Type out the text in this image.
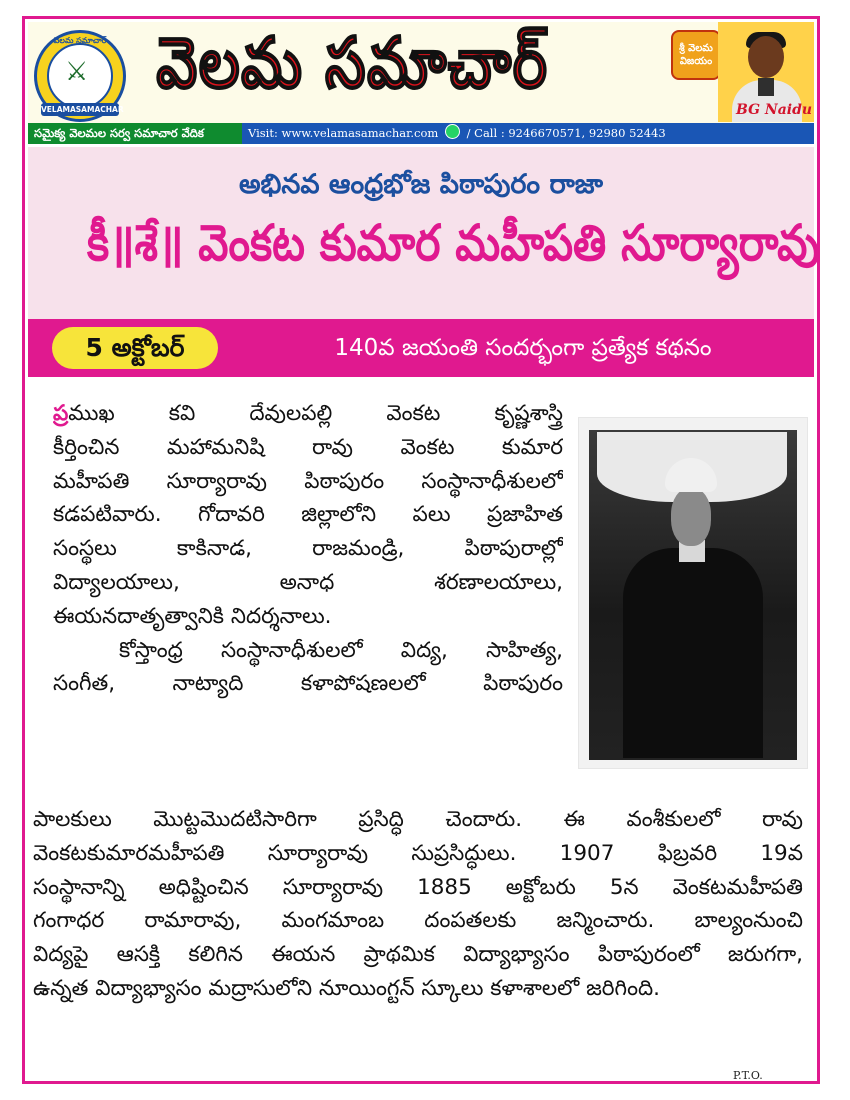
⚔
వెలమ సమాచార్
VELAMASAMACHAR
వెలమ సమాచార్	శ్రీ వెలమ విజయం
BG Naidu
సమైక్య వెలమల సర్వ సమాచార వేదిక	Visit: www.velamasamachar.com / Call : 9246670571, 92980 52443
అభినవ ఆంధ్రభోజ పిఠాపురం రాజా
కీ॥శే॥ వెంకట కుమార మహీపతి సూర్యారావు
5 అక్టోబర్	140వ జయంతి సందర్భంగా ప్రత్యేక కథనం
ప్రముఖ కవి దేవులపల్లి వెంకట కృష్ణశాస్త్రి
కీర్తించిన మహామనిషి రావు వెంకట కుమార
మహీపతి సూర్యారావు పిఠాపురం సంస్థానాధీశులలో
కడపటివారు. గోదావరి జిల్లాలోని పలు ప్రజాహిత
సంస్థలు కాకినాడ, రాజమండ్రి, పిఠాపురాల్లో
విద్యాలయాలు, అనాధ శరణాలయాలు,
ఈయనదాతృత్వానికి నిదర్శనాలు.
కోస్తాంధ్ర సంస్థానాధీశులలో విద్య, సాహిత్య,
సంగీత, నాట్యాది కళాపోషణలలో పిఠాపురం
పాలకులు మొట్టమొదటిసారిగా ప్రసిద్ధి చెందారు. ఈ వంశీకులలో రావు
వెంకటకుమారమహీపతి సూర్యారావు సుప్రసిద్ధులు. 1907 ఫిబ్రవరి 19వ
సంస్థానాన్ని అధిష్టించిన సూర్యారావు 1885 అక్టోబరు 5న వెంకటమహీపతి
గంగాధర రామారావు, మంగమాంబ దంపతలకు జన్మించారు. బాల్యంనుంచి
విద్యపై ఆసక్తి కలిగిన ఈయన ప్రాథమిక విద్యాభ్యాసం పిఠాపురంలో జరుగగా,
ఉన్నత విద్యాభ్యాసం మద్రాసులోని నూయింగ్టన్ స్కూలు కళాశాలలో జరిగింది.
P.T.O.
